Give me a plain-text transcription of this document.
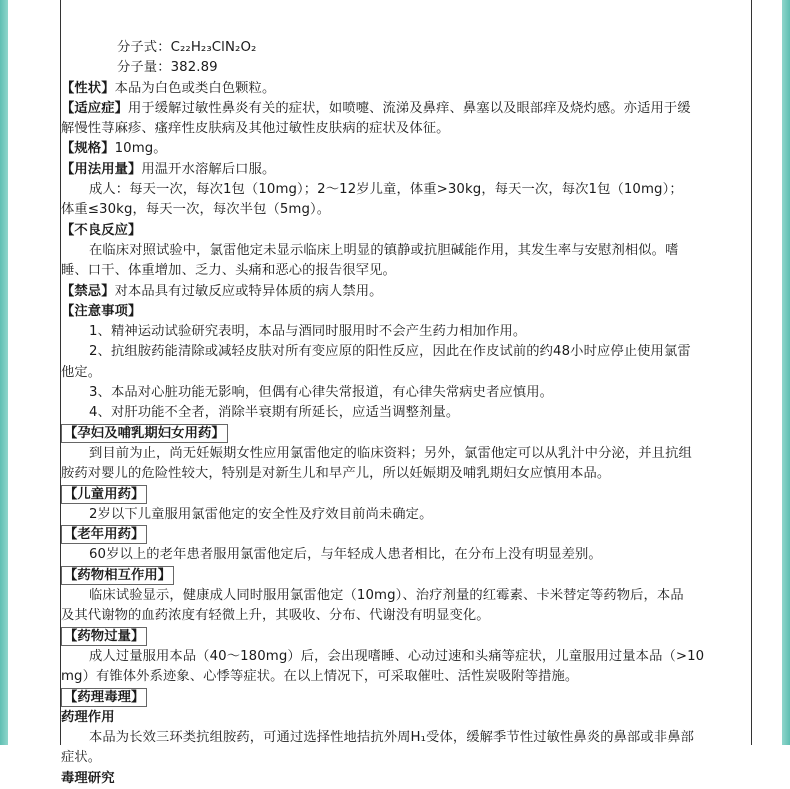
分子式：C₂₂H₂₃ClN₂O₂
分子量：382.89
【性状】本品为白色或类白色颗粒。
【适应症】用于缓解过敏性鼻炎有关的症状，如喷嚏、流涕及鼻痒、鼻塞以及眼部痒及烧灼感。亦适用于缓
解慢性荨麻疹、瘙痒性皮肤病及其他过敏性皮肤病的症状及体征。
【规格】10mg。
【用法用量】用温开水溶解后口服。
成人：每天一次，每次1包（10mg）；2～12岁儿童，体重>30kg，每天一次，每次1包（10mg）；
体重≤30kg，每天一次，每次半包（5mg）。
【不良反应】
在临床对照试验中，氯雷他定未显示临床上明显的镇静或抗胆碱能作用，其发生率与安慰剂相似。嗜
睡、口干、体重增加、乏力、头痛和恶心的报告很罕见。
【禁忌】对本品具有过敏反应或特异体质的病人禁用。
【注意事项】
1、精神运动试验研究表明，本品与酒同时服用时不会产生药力相加作用。
2、抗组胺药能清除或减轻皮肤对所有变应原的阳性反应，因此在作皮试前的约48小时应停止使用氯雷
他定。
3、本品对心脏功能无影响，但偶有心律失常报道，有心律失常病史者应慎用。
4、对肝功能不全者，消除半衰期有所延长，应适当调整剂量。
【孕妇及哺乳期妇女用药】
到目前为止，尚无妊娠期女性应用氯雷他定的临床资料；另外，氯雷他定可以从乳汁中分泌，并且抗组
胺药对婴儿的危险性较大，特别是对新生儿和早产儿，所以妊娠期及哺乳期妇女应慎用本品。
【儿童用药】
2岁以下儿童服用氯雷他定的安全性及疗效目前尚未确定。
【老年用药】
60岁以上的老年患者服用氯雷他定后，与年轻成人患者相比，在分布上没有明显差别。
【药物相互作用】
临床试验显示，健康成人同时服用氯雷他定（10mg）、治疗剂量的红霉素、卡米替定等药物后，本品
及其代谢物的血药浓度有轻微上升，其吸收、分布、代谢没有明显变化。
【药物过量】
成人过量服用本品（40～180mg）后，会出现嗜睡、心动过速和头痛等症状，儿童服用过量本品（>10
mg）有锥体外系迹象、心悸等症状。在以上情况下，可采取催吐、活性炭吸附等措施。
【药理毒理】
药理作用
本品为长效三环类抗组胺药，可通过选择性地拮抗外周H₁受体，缓解季节性过敏性鼻炎的鼻部或非鼻部
症状。
毒理研究
